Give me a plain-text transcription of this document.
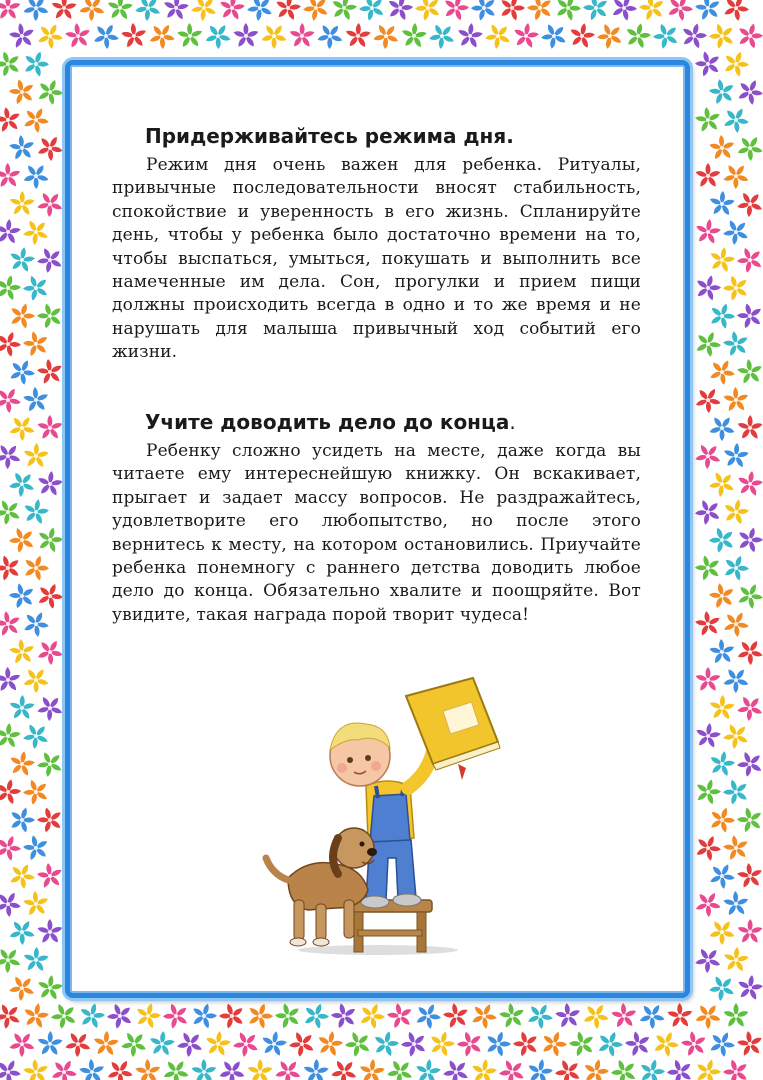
Придерживайтесь режима дня.

Режим дня очень важен для ребенка. Ритуалы, привычные последовательности вносят стабильность, спокойствие и уверенность в его жизнь. Спланируйте день, чтобы у ребенка было достаточно времени на то, чтобы выспаться, умыться, покушать и выполнить все намеченные им дела. Сон, прогулки и прием пищи должны происходить всегда в одно и то же время и не нарушать для малыша привычный ход событий его жизни.

Учите доводить дело до конца.

Ребенку сложно усидеть на месте, даже когда вы читаете ему интереснейшую книжку. Он вскакивает, прыгает и задает массу вопросов. Не раздражайтесь, удовлетворите его любопытство, но после этого вернитесь к месту, на котором остановились. Приучайте ребенка понемногу с раннего детства доводить любое дело до конца. Обязательно хвалите и поощряйте. Вот увидите, такая награда порой творит чудеса!
